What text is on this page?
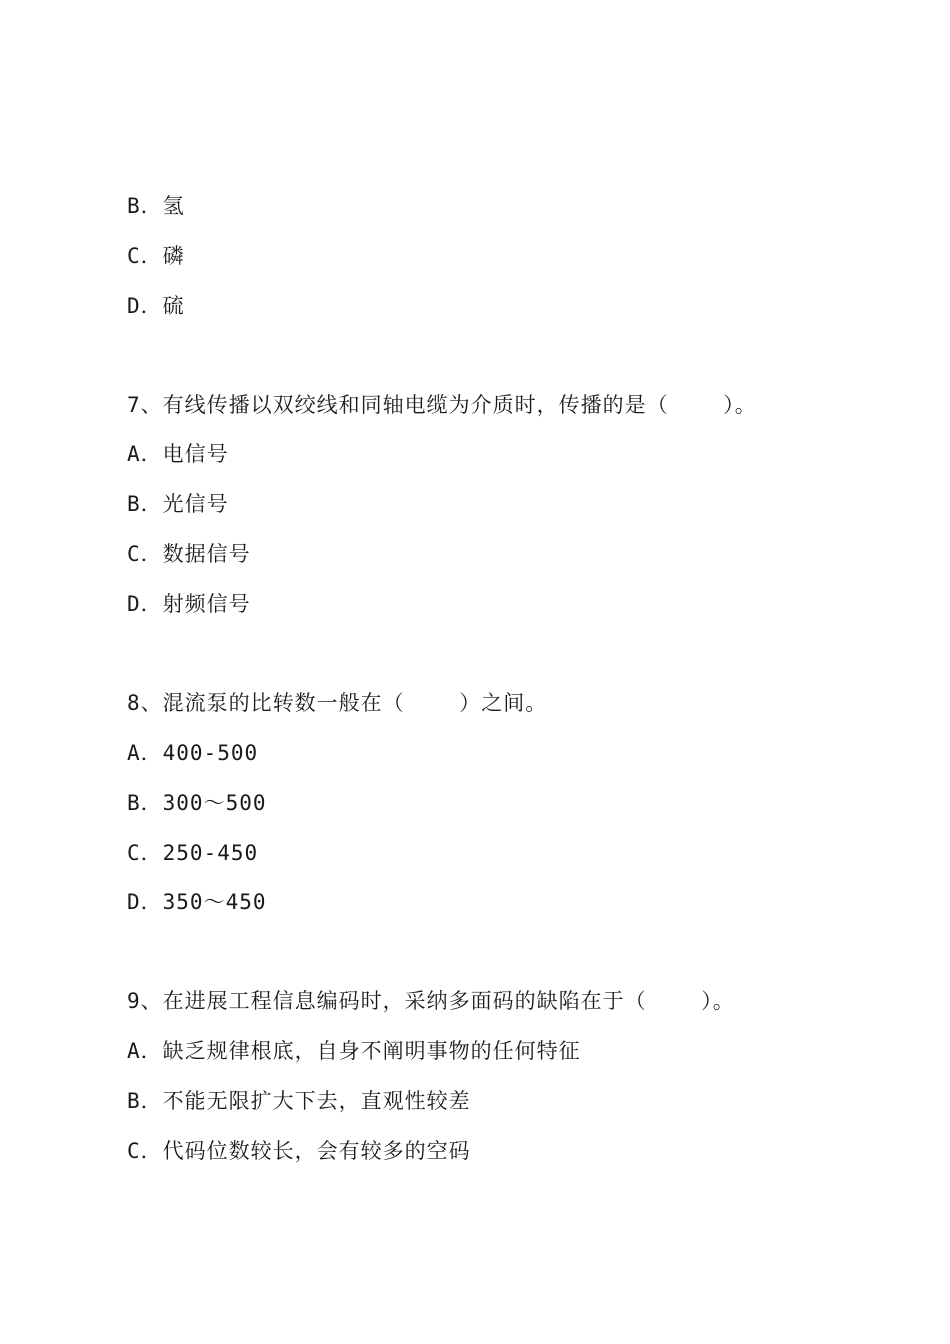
B．氢
C．磷
D．硫
7、有线传播以双绞线和同轴电缆为介质时，传播的是（    ）。
A．电信号
B．光信号
C．数据信号
D．射频信号
8、混流泵的比转数一般在（    ）之间。
A．400-500
B．300～500
C．250-450
D．350～450
9、在进展工程信息编码时，采纳多面码的缺陷在于（    ）。
A．缺乏规律根底，自身不阐明事物的任何特征
B．不能无限扩大下去，直观性较差
C．代码位数较长，会有较多的空码
